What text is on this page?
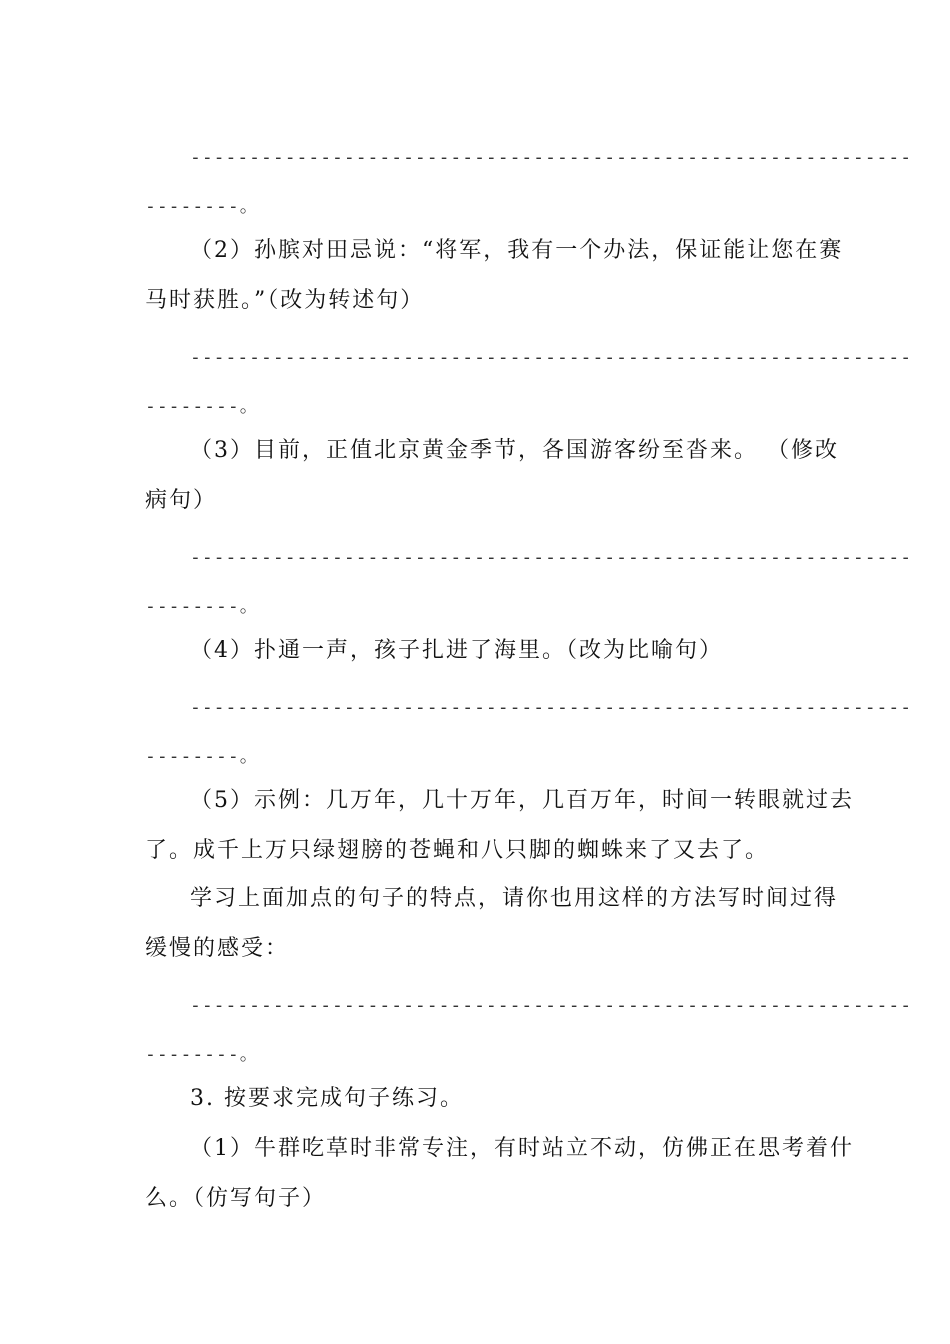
-------------------------------------------------------------
--------。
（2）孙膑对田忌说：“将军，我有一个办法，保证能让您在赛
马时获胜。”（改为转述句）
-------------------------------------------------------------
--------。
（3）目前，正值北京黄金季节，各国游客纷至沓来。 （修改
病句）
-------------------------------------------------------------
--------。
（4）扑通一声，孩子扎进了海里。（改为比喻句）
-------------------------------------------------------------
--------。
（5）示例：几万年，几十万年，几百万年，时间一转眼就过去
了。成千上万只绿翅膀的苍蝇和八只脚的蜘蛛来了又去了。
学习上面加点的句子的特点，请你也用这样的方法写时间过得
缓慢的感受：
-------------------------------------------------------------
--------。
3. 按要求完成句子练习。
（1）牛群吃草时非常专注，有时站立不动，仿佛正在思考着什
么。（仿写句子）
